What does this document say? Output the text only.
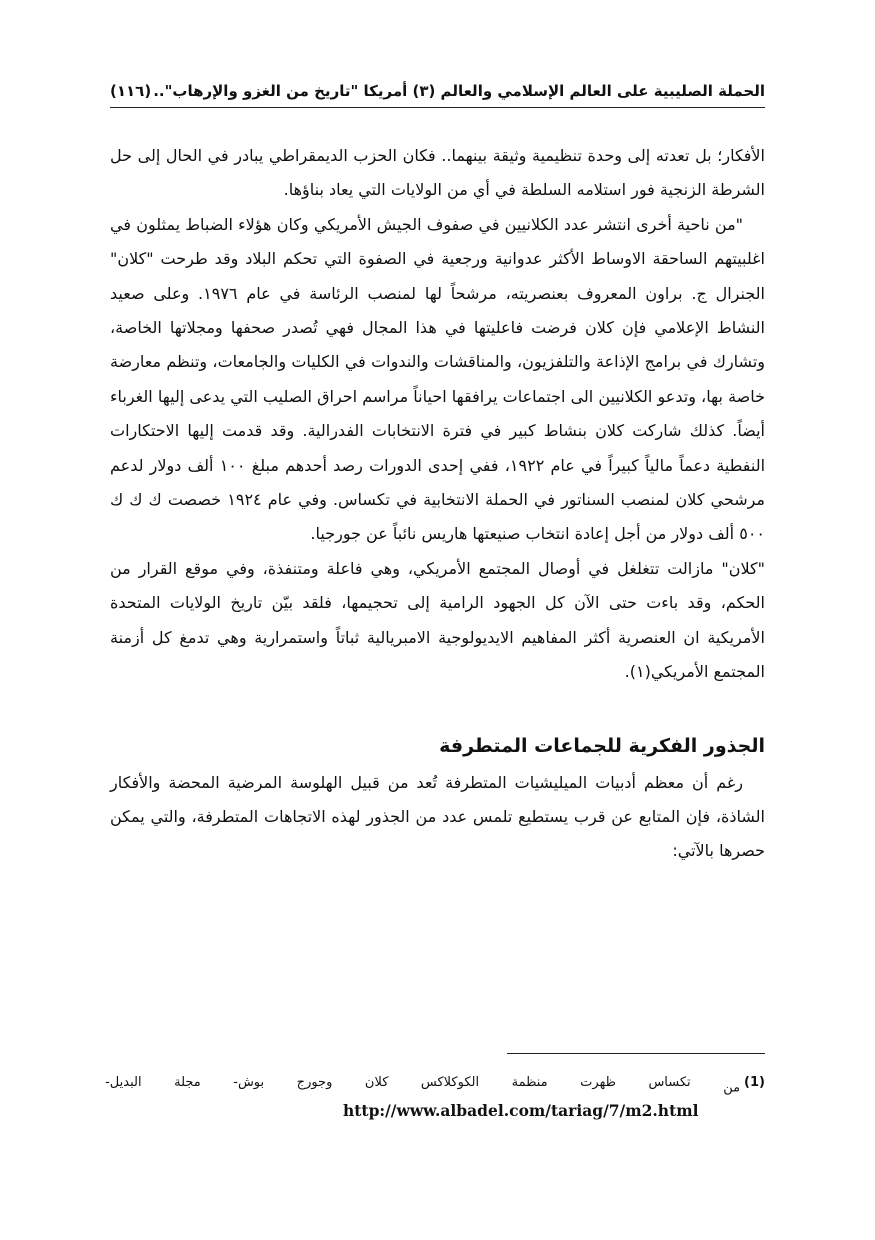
الحملة الصليبية على العالم الإسلامي والعالم (٣) أمريكا "تاريخ من الغزو والإرهاب"..
(١١٦)

الأفكار؛ بل تعدته إلى وحدة تنظيمية وثيقة بينهما.. فكان الحزب الديمقراطي يبادر في الحال إلى حل الشرطة الزنجية فور استلامه السلطة في أي من الولايات التي يعاد بناؤها.

"من ناحية أخرى انتشر عدد الكلانيين في صفوف الجيش الأمريكي وكان هؤلاء الضباط يمثلون في اغلبيتهم الساحقة الاوساط الأكثر عدوانية ورجعية في الصفوة التي تحكم البلاد وقد طرحت "كلان" الجنرال ج. براون المعروف بعنصريته، مرشحاً لها لمنصب الرئاسة في عام ١٩٧٦. وعلى صعيد النشاط الإعلامي فإن كلان فرضت فاعليتها في هذا المجال فهي تُصدر صحفها ومجلاتها الخاصة، وتشارك في برامج الإذاعة والتلفزيون، والمناقشات والندوات في الكليات والجامعات، وتنظم معارضة خاصة بها، وتدعو الكلانيين الى اجتماعات يرافقها احياناً مراسم احراق الصليب التي يدعى إليها الغرباء أيضاً. كذلك شاركت كلان بنشاط كبير في فترة الانتخابات الفدرالية. وقد قدمت إليها الاحتكارات النفطية دعماً مالياً كبيراً في عام ١٩٢٢، ففي إحدى الدورات رصد أحدهم مبلغ ١٠٠ ألف دولار لدعم مرشحي كلان لمنصب السناتور في الحملة الانتخابية في تكساس. وفي عام ١٩٢٤ خصصت ك ك ك ٥٠٠ ألف دولار من أجل إعادة انتخاب صنيعتها هاريس نائباً عن جورجيا.

"كلان" مازالت تتغلغل في أوصال المجتمع الأمريكي، وهي فاعلة ومتنفذة، وفي موقع القرار من الحكم، وقد باءت حتى الآن كل الجهود الرامية إلى تحجيمها، فلقد بيّن تاريخ الولايات المتحدة الأمريكية ان العنصرية أكثر المفاهيم الايديولوجية الامبريالية ثباتاً واستمرارية وهي تدمغ كل أزمنة المجتمع الأمريكي(١).

الجذور الفكرية للجماعات المتطرفة

رغم أن معظم أدبيات الميليشيات المتطرفة تُعد من قبيل الهلوسة المرضية المحضة والأفكار الشاذة، فإن المتابع عن قرب يستطيع تلمس عدد من الجذور لهذه الاتجاهات المتطرفة، والتي يمكن حصرها بالآتي:

$^{(1)}$من
تكساس
ظهرت
منظمة
الكوكلاكس
كلان
وجورج
بوش-
مجلة
البديل-
http://www.albadel.com/tariag/7/m2.html
